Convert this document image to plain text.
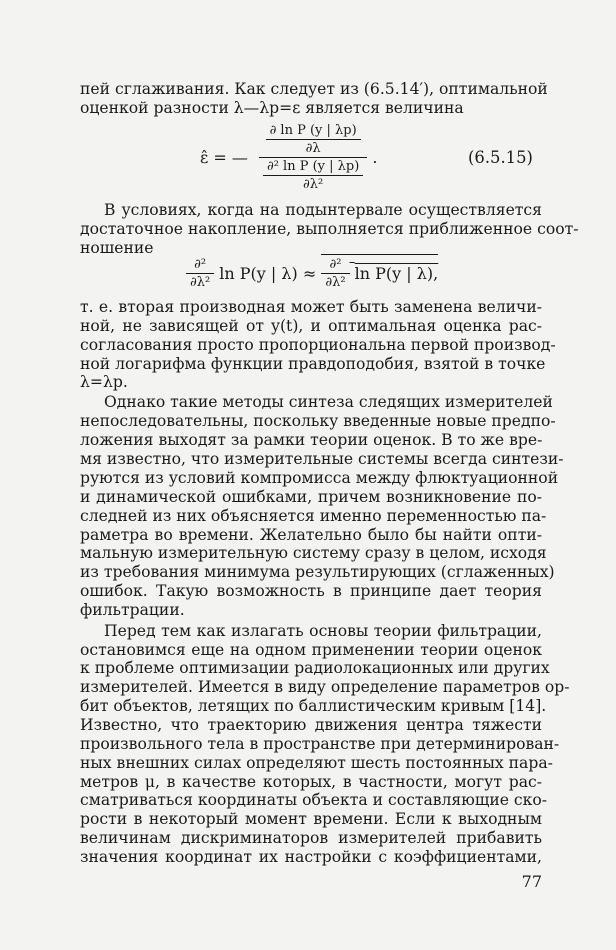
пей сглаживания. Как следует из (6.5.14′), оптимальной
оценкой разности λ—λp=ε является величина
ε̂ = — $\frac{\frac{\text{∂ ln P (y | λp)}}{\partial\lambda}}{\frac{\text{∂² ln P (y | λp)}}{\text{∂λ²}}}$ .	(6.5.15)
В условиях, когда на подынтервале осуществляется
достаточное накопление, выполняется приближенное соот-
ношение
$\frac{\text{∂²}}{\text{∂λ²}}$ ln P(y | $\lambda) \approx \frac{\text{∂²}}{\text{∂λ²}}$ ln P(y | λ),
т. е. вторая производная может быть заменена величи-
ной, не зависящей от y(t), и оптимальная оценка рас-
согласования просто пропорциональна первой производ-
ной логарифма функции правдоподобия, взятой в точке
λ=λp.
Однако такие методы синтеза следящих измерителей
непоследовательны, поскольку введенные новые предпо-
ложения выходят за рамки теории оценок. В то же вре-
мя известно, что измерительные системы всегда синтези-
руются из условий компромисса между флюктуационной
и динамической ошибками, причем возникновение по-
следней из них объясняется именно переменностью па-
раметра во времени. Желательно было бы найти опти-
мальную измерительную систему сразу в целом, исходя
из требования минимума результирующих (сглаженных)
ошибок. Такую возможность в принципе дает теория
фильтрации.
Перед тем как излагать основы теории фильтрации,
остановимся еще на одном применении теории оценок
к проблеме оптимизации радиолокационных или других
измерителей. Имеется в виду определение параметров ор-
бит объектов, летящих по баллистическим кривым [14].
Известно, что траекторию движения центра тяжести
произвольного тела в пространстве при детерминирован-
ных внешних силах определяют шесть постоянных пара-
метров μ, в качестве которых, в частности, могут рас-
сматриваться координаты объекта и составляющие ско-
рости в некоторый момент времени. Если к выходным
величинам дискриминаторов измерителей прибавить
значения координат их настройки с коэффициентами,
77
